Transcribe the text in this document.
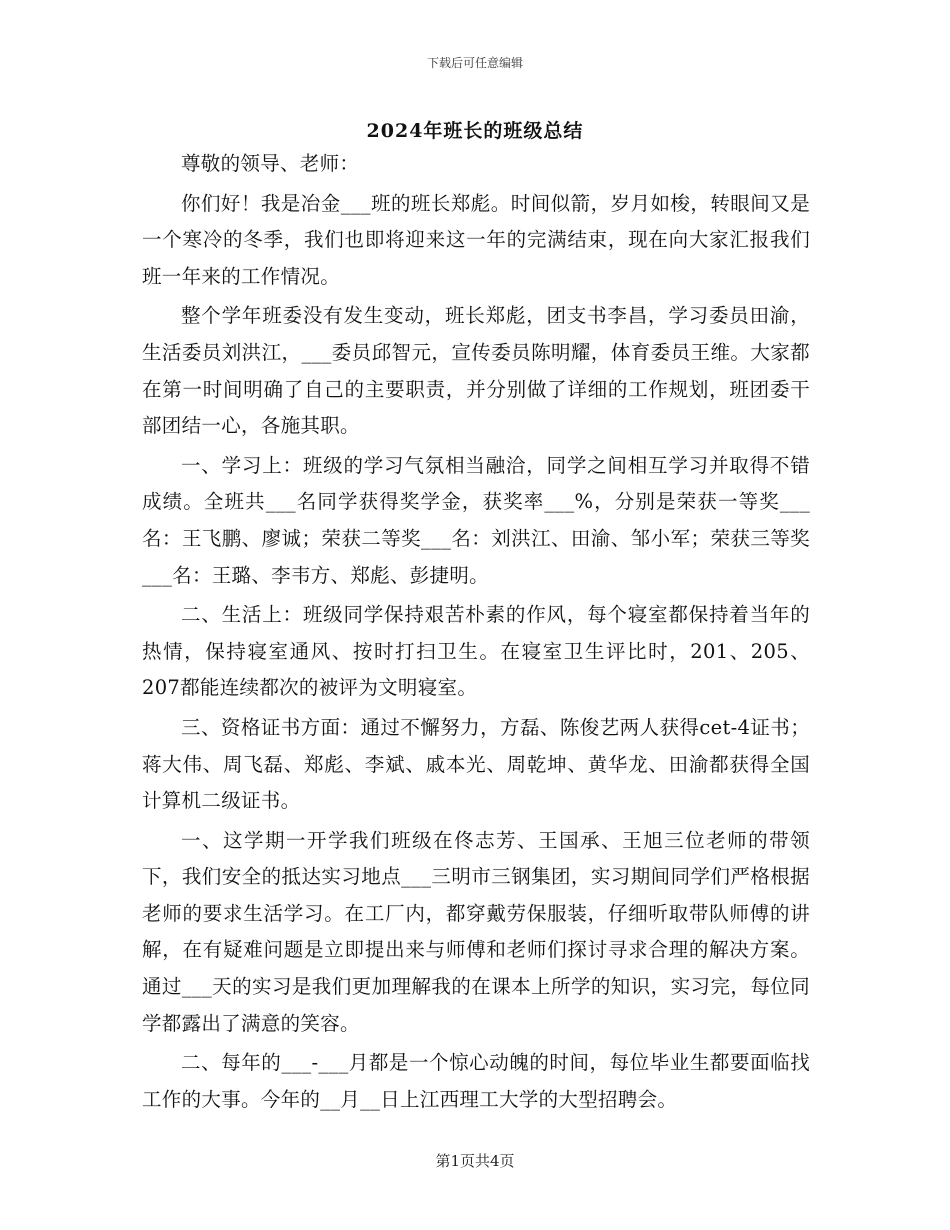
下载后可任意编辑
2024年班长的班级总结

尊敬的领导、老师：

你们好！我是冶金___班的班长郑彪。时间似箭，岁月如梭，转眼间又是一个寒冷的冬季，我们也即将迎来这一年的完满结束，现在向大家汇报我们班一年来的工作情况。

整个学年班委没有发生变动，班长郑彪，团支书李昌，学习委员田渝，生活委员刘洪江，___委员邱智元，宣传委员陈明耀，体育委员王维。大家都在第一时间明确了自己的主要职责，并分别做了详细的工作规划，班团委干部团结一心，各施其职。

一、学习上：班级的学习气氛相当融洽，同学之间相互学习并取得不错成绩。全班共___名同学获得奖学金，获奖率___%，分别是荣获一等奖___名：王飞鹏、廖诚；荣获二等奖___名：刘洪江、田渝、邹小军；荣获三等奖___名：王璐、李韦方、郑彪、彭捷明。

二、生活上：班级同学保持艰苦朴素的作风，每个寝室都保持着当年的热情，保持寝室通风、按时打扫卫生。在寝室卫生评比时，201、205、207都能连续都次的被评为文明寝室。

三、资格证书方面：通过不懈努力，方磊、陈俊艺两人获得cet-4证书；蒋大伟、周飞磊、郑彪、李斌、戚本光、周乾坤、黄华龙、田渝都获得全国计算机二级证书。

一、这学期一开学我们班级在佟志芳、王国承、王旭三位老师的带领下，我们安全的抵达实习地点___三明市三钢集团，实习期间同学们严格根据老师的要求生活学习。在工厂内，都穿戴劳保服装，仔细听取带队师傅的讲解，在有疑难问题是立即提出来与师傅和老师们探讨寻求合理的解决方案。通过___天的实习是我们更加理解我的在课本上所学的知识，实习完，每位同学都露出了满意的笑容。

二、每年的___-___月都是一个惊心动魄的时间，每位毕业生都要面临找工作的大事。今年的__月__日上江西理工大学的大型招聘会。

第1页共4页
